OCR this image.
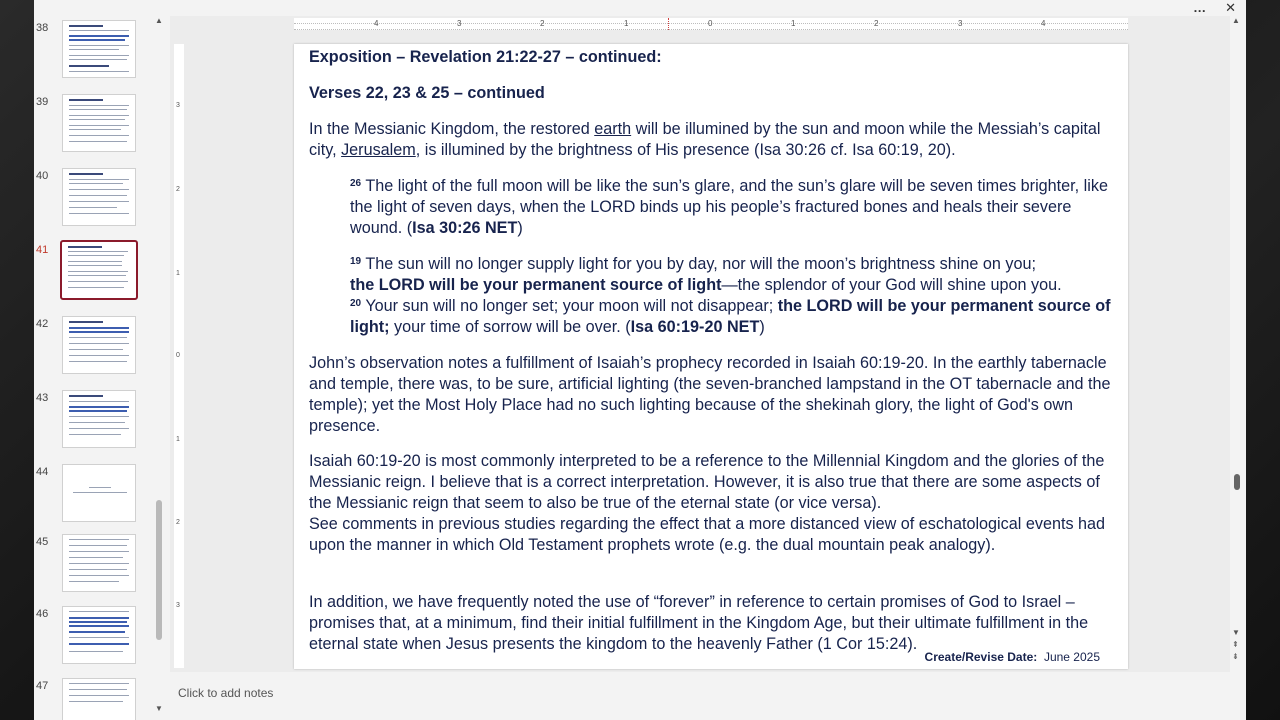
… ✕
38
39
40
41
42
43
44
45
46
47
▲
▼
4	3	2	1	0	1	2	3	4
3
2
1
0
1
2
3

Exposition – Revelation 21:22-27 – continued:

Verses 22, 23 & 25 – continued

In the Messianic Kingdom, the restored earth will be illumined by the sun and moon while the Messiah’s capital city, Jerusalem, is illumined by the brightness of His presence (Isa 30:26 cf. Isa 60:19, 20).

$^{26}$ The light of the full moon will be like the sun’s glare, and the sun’s glare will be seven times brighter, like the light of seven days, when the LORD binds up his people’s fractured bones and heals their severe wound. (Isa 30:26 NET)

$^{19}$ The sun will no longer supply light for you by day, nor will the moon’s brightness shine on you;
the LORD will be your permanent source of light—the splendor of your God will shine upon you.
$^{20}$ Your sun will no longer set; your moon will not disappear; the LORD will be your permanent source of light; your time of sorrow will be over. (Isa 60:19-20 NET)

John’s observation notes a fulfillment of Isaiah’s prophecy recorded in Isaiah 60:19-20. In the earthly tabernacle and temple, there was, to be sure, artificial lighting (the seven-branched lampstand in the OT tabernacle and the temple); yet the Most Holy Place had no such lighting because of the shekinah glory, the light of God's own presence.

Isaiah 60:19-20 is most commonly interpreted to be a reference to the Millennial Kingdom and the glories of the Messianic reign. I believe that is a correct interpretation. However, it is also true that there are some aspects of the Messianic reign that seem to also be true of the eternal state (or vice versa).
See comments in previous studies regarding the effect that a more distanced view of eschatological events had upon the manner in which Old Testament prophets wrote (e.g. the dual mountain peak analogy).

In addition, we have frequently noted the use of “forever” in reference to certain promises of God to Israel – promises that, at a minimum, find their initial fulfillment in the Kingdom Age, but their ultimate fulfillment in the eternal state when Jesus presents the kingdom to the heavenly Father (1 Cor 15:24).

Create/Revise Date: June 2025
Click to add notes
▲
▼
⇞
⇟
